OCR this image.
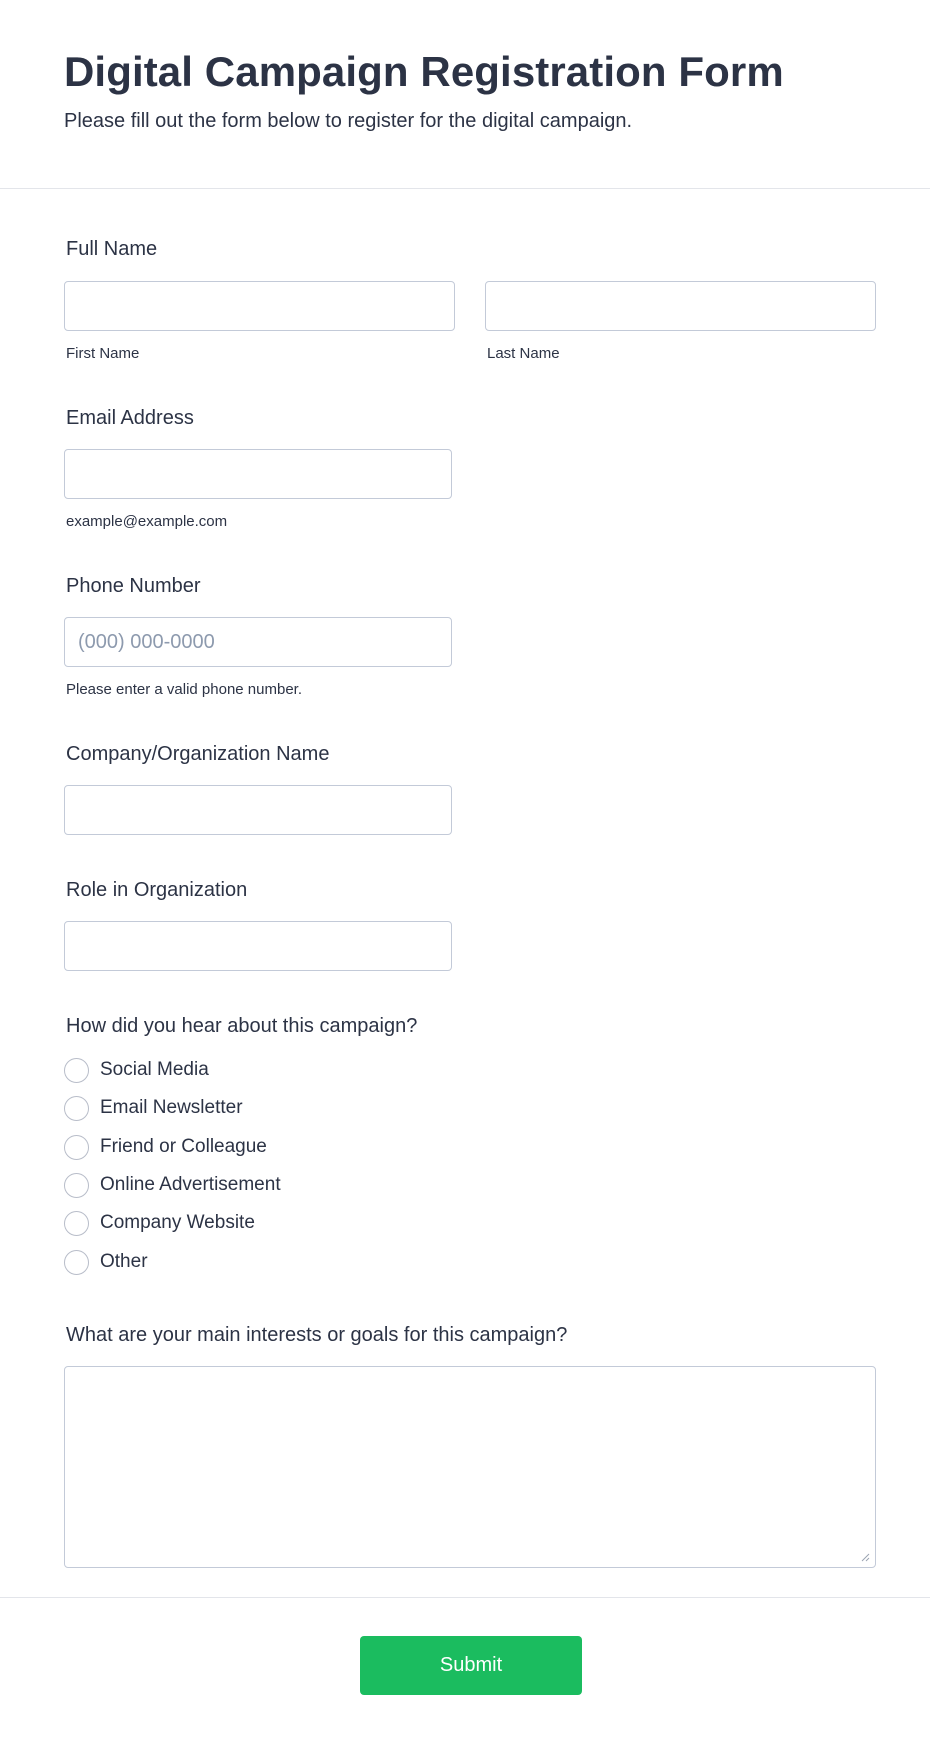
Digital Campaign Registration Form

Please fill out the form below to register for the digital campaign.

Full Name
First Name	Last Name
Email Address
example@example.com
Phone Number
(000) 000-0000
Please enter a valid phone number.
Company/Organization Name
Role in Organization
How did you hear about this campaign?
Social Media
Email Newsletter
Friend or Colleague
Online Advertisement
Company Website
Other
What are your main interests or goals for this campaign?
Submit
